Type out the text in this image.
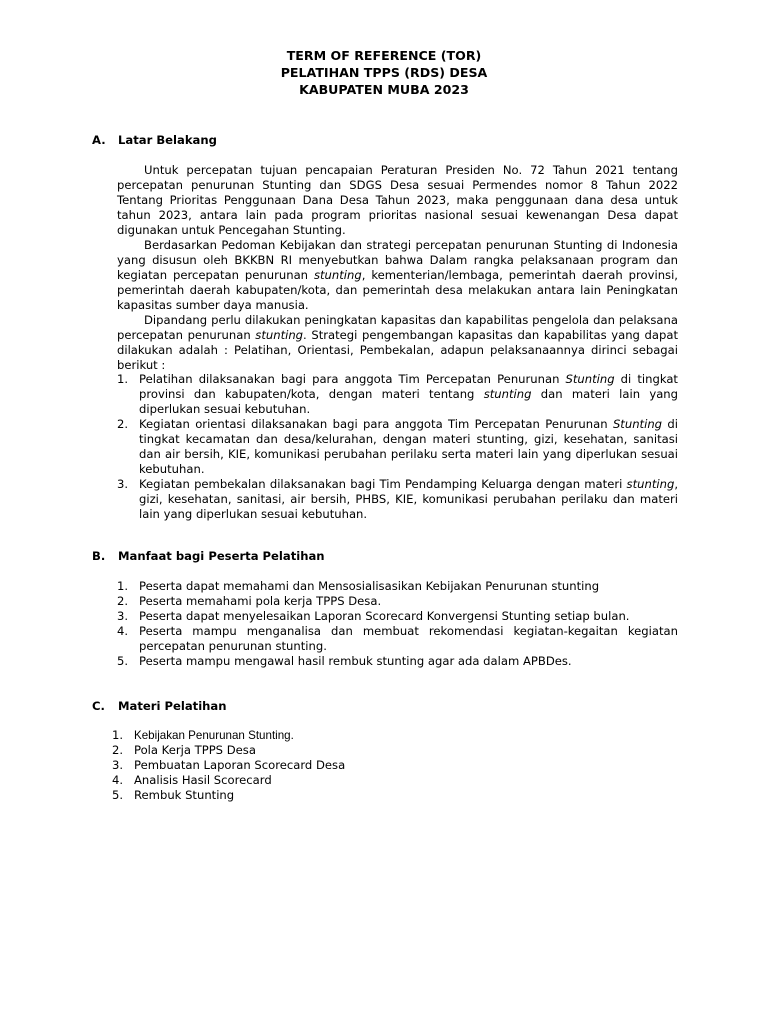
TERM OF REFERENCE (TOR)
PELATIHAN TPPS (RDS) DESA
KABUPATEN MUBA 2023
A. Latar Belakang

Untuk percepatan tujuan pencapaian Peraturan Presiden No. 72 Tahun 2021 tentang percepatan penurunan Stunting dan SDGS Desa sesuai Permendes nomor 8 Tahun 2022 Tentang Prioritas Penggunaan Dana Desa Tahun 2023, maka penggunaan dana desa untuk tahun 2023, antara lain pada program prioritas nasional sesuai kewenangan Desa dapat digunakan untuk Pencegahan Stunting.

Berdasarkan Pedoman Kebijakan dan strategi percepatan penurunan Stunting di Indonesia yang disusun oleh BKKBN RI menyebutkan bahwa Dalam rangka pelaksanaan program dan kegiatan percepatan penurunan stunting, kementerian/lembaga, pemerintah daerah provinsi, pemerintah daerah kabupaten/kota, dan pemerintah desa melakukan antara lain Peningkatan kapasitas sumber daya manusia.

Dipandang perlu dilakukan peningkatan kapasitas dan kapabilitas pengelola dan pelaksana percepatan penurunan stunting. Strategi pengembangan kapasitas dan kapabilitas yang dapat dilakukan adalah : Pelatihan, Orientasi, Pembekalan, adapun pelaksanaannya dirinci sebagai berikut :

1. Pelatihan dilaksanakan bagi para anggota Tim Percepatan Penurunan Stunting di tingkat provinsi dan kabupaten/kota, dengan materi tentang stunting dan materi lain yang diperlukan sesuai kebutuhan.
2. Kegiatan orientasi dilaksanakan bagi para anggota Tim Percepatan Penurunan Stunting di tingkat kecamatan dan desa/kelurahan, dengan materi stunting, gizi, kesehatan, sanitasi dan air bersih, KIE, komunikasi perubahan perilaku serta materi lain yang diperlukan sesuai kebutuhan.
3. Kegiatan pembekalan dilaksanakan bagi Tim Pendamping Keluarga dengan materi stunting, gizi, kesehatan, sanitasi, air bersih, PHBS, KIE, komunikasi perubahan perilaku dan materi lain yang diperlukan sesuai kebutuhan.
B. Manfaat bagi Peserta Pelatihan
1. Peserta dapat memahami dan Mensosialisasikan Kebijakan Penurunan stunting
2. Peserta memahami pola kerja TPPS Desa.
3. Peserta dapat menyelesaikan Laporan Scorecard Konvergensi Stunting setiap bulan.
4. Peserta mampu menganalisa dan membuat rekomendasi kegiatan-kegaitan kegiatan percepatan penurunan stunting.
5. Peserta mampu mengawal hasil rembuk stunting agar ada dalam APBDes.
C. Materi Pelatihan
1. Kebijakan Penurunan Stunting.
2. Pola Kerja TPPS Desa
3. Pembuatan Laporan Scorecard Desa
4. Analisis Hasil Scorecard
5. Rembuk Stunting
